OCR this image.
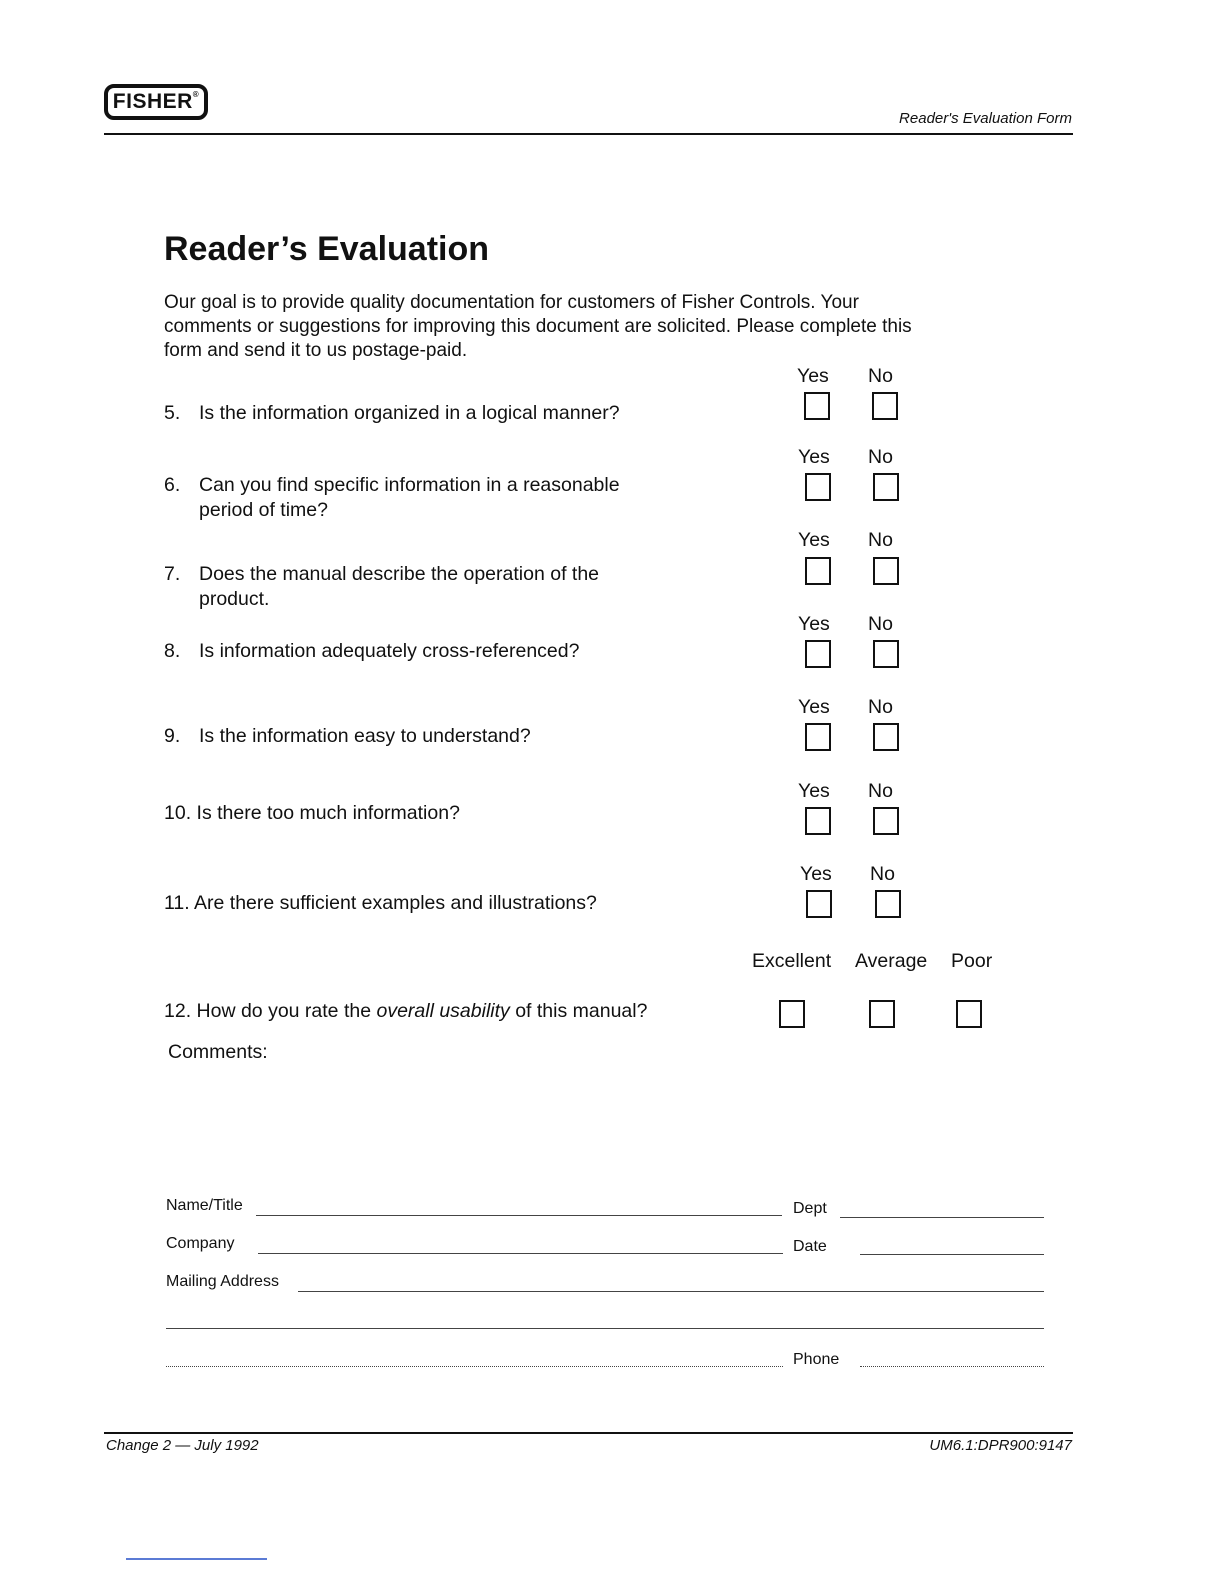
FISHER®
Reader's Evaluation Form
Reader’s Evaluation
Our goal is to provide quality documentation for customers of Fisher Controls. Your
comments or suggestions for improving this document are solicited. Please complete this
form and send it to us postage-paid.
Yes No
5. Is the information organized in a logical manner?
Yes No
6. Can you find specific information in a reasonable
period of time?
Yes No
7. Does the manual describe the operation of the
product.
Yes No
8. Is information adequately cross-referenced?
Yes No
9. Is the information easy to understand?
Yes No
10. Is there too much information?
Yes No
11. Are there sufficient examples and illustrations?
Excellent Average Poor
12. How do you rate the overall usability of this manual?
Comments:
Name/Title	Dept
Company	Date
Mailing Address
Phone
Change 2 — July 1992	UM6.1:DPR900:9147
